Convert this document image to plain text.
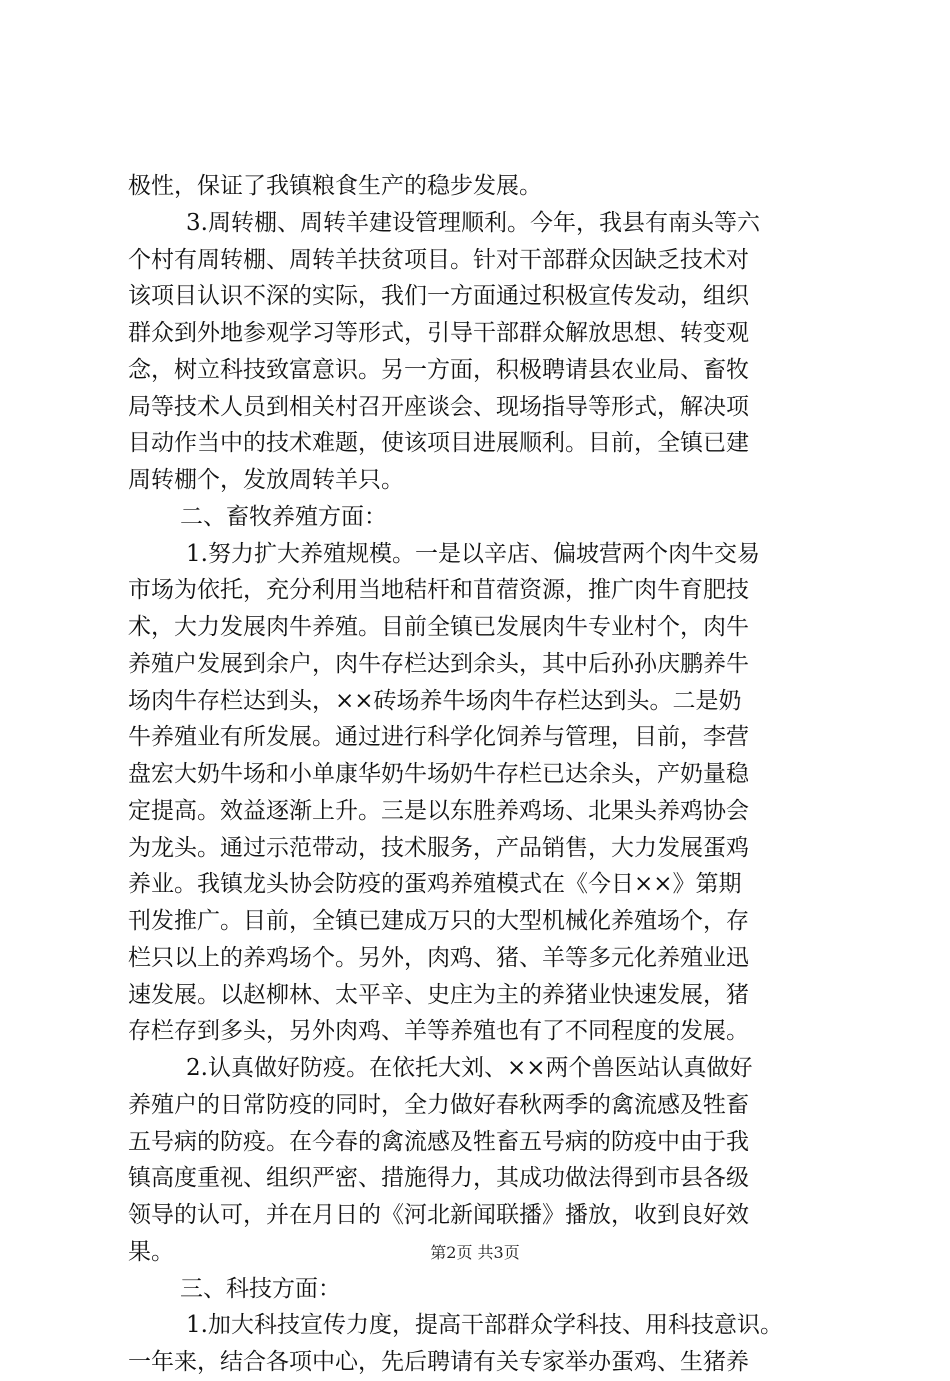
极性，保证了我镇粮食生产的稳步发展。
3.周转棚、周转羊建设管理顺利。今年，我县有南头等六
个村有周转棚、周转羊扶贫项目。针对干部群众因缺乏技术对
该项目认识不深的实际，我们一方面通过积极宣传发动，组织
群众到外地参观学习等形式，引导干部群众解放思想、转变观
念，树立科技致富意识。另一方面，积极聘请县农业局、畜牧
局等技术人员到相关村召开座谈会、现场指导等形式，解决项
目动作当中的技术难题，使该项目进展顺利。目前，全镇已建
周转棚个，发放周转羊只。
二、畜牧养殖方面：
1.努力扩大养殖规模。一是以辛店、偏坡营两个肉牛交易
市场为依托，充分利用当地秸杆和苜蓿资源，推广肉牛育肥技
术，大力发展肉牛养殖。目前全镇已发展肉牛专业村个，肉牛
养殖户发展到余户，肉牛存栏达到余头，其中后孙孙庆鹏养牛
场肉牛存栏达到头，××砖场养牛场肉牛存栏达到头。二是奶
牛养殖业有所发展。通过进行科学化饲养与管理，目前，李营
盘宏大奶牛场和小单康华奶牛场奶牛存栏已达余头，产奶量稳
定提高。效益逐渐上升。三是以东胜养鸡场、北果头养鸡协会
为龙头。通过示范带动，技术服务，产品销售，大力发展蛋鸡
养业。我镇龙头协会防疫的蛋鸡养殖模式在《今日××》第期
刊发推广。目前，全镇已建成万只的大型机械化养殖场个，存
栏只以上的养鸡场个。另外，肉鸡、猪、羊等多元化养殖业迅
速发展。以赵柳林、太平辛、史庄为主的养猪业快速发展，猪
存栏存到多头，另外肉鸡、羊等养殖也有了不同程度的发展。
2.认真做好防疫。在依托大刘、××两个兽医站认真做好
养殖户的日常防疫的同时，全力做好春秋两季的禽流感及牲畜
五号病的防疫。在今春的禽流感及牲畜五号病的防疫中由于我
镇高度重视、组织严密、措施得力，其成功做法得到市县各级
领导的认可，并在月日的《河北新闻联播》播放，收到良好效
果。
三、科技方面：
1.加大科技宣传力度，提高干部群众学科技、用科技意识。
一年来，结合各项中心，先后聘请有关专家举办蛋鸡、生猪养
第2页 共3页
